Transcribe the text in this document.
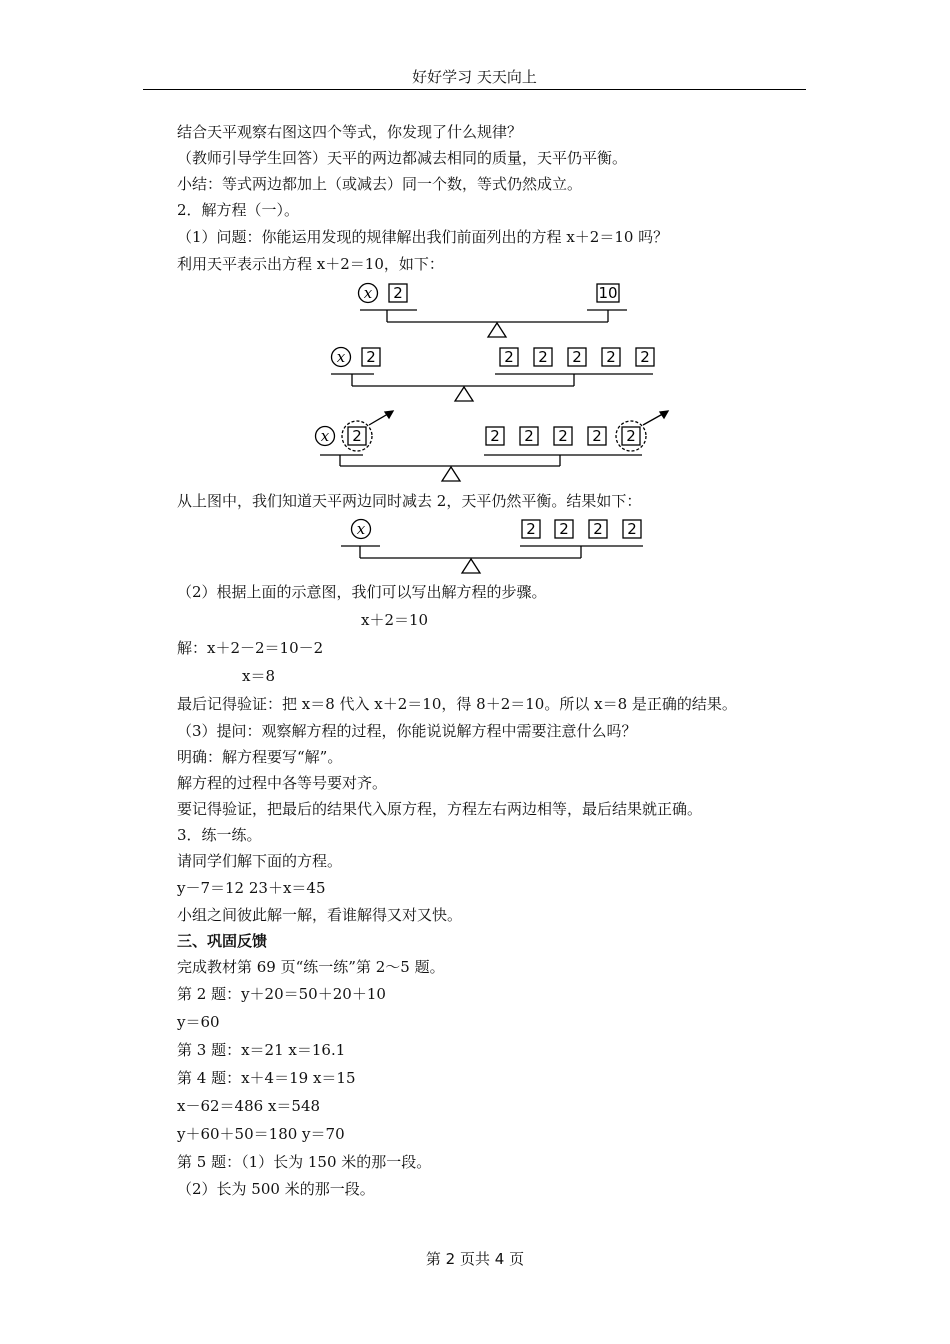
好好学习 天天向上
结合天平观察右图这四个等式，你发现了什么规律？
（教师引导学生回答）天平的两边都减去相同的质量，天平仍平衡。
小结：等式两边都加上（或减去）同一个数，等式仍然成立。
2．解方程（一）。
（1）问题：你能运用发现的规律解出我们前面列出的方程 x＋2＝10 吗？
利用天平表示出方程 x＋2＝10，如下：
x
x
x
2	10
2	2 2 2 2 2
2	2 2 2 2 2
x	2 2 2 2
从上图中，我们知道天平两边同时减去 2，天平仍然平衡。结果如下：
（2）根据上面的示意图，我们可以写出解方程的步骤。
x＋2＝10
解：x＋2－2＝10－2
x＝8
最后记得验证：把 x＝8 代入 x＋2＝10，得 8＋2＝10。所以 x＝8 是正确的结果。
（3）提问：观察解方程的过程，你能说说解方程中需要注意什么吗？
明确：解方程要写“解”。
解方程的过程中各等号要对齐。
要记得验证，把最后的结果代入原方程，方程左右两边相等，最后结果就正确。
3．练一练。
请同学们解下面的方程。
y－7＝12 23＋x＝45
小组之间彼此解一解，看谁解得又对又快。
三、巩固反馈
完成教材第 69 页“练一练”第 2～5 题。
第 2 题：y＋20＝50＋20＋10
y＝60
第 3 题：x＝21 x＝16.1
第 4 题：x＋4＝19 x＝15
x－62＝486 x＝548
y＋60＋50＝180 y＝70
第 5 题：（1）长为 150 米的那一段。
（2）长为 500 米的那一段。
第 2 页共 4 页
